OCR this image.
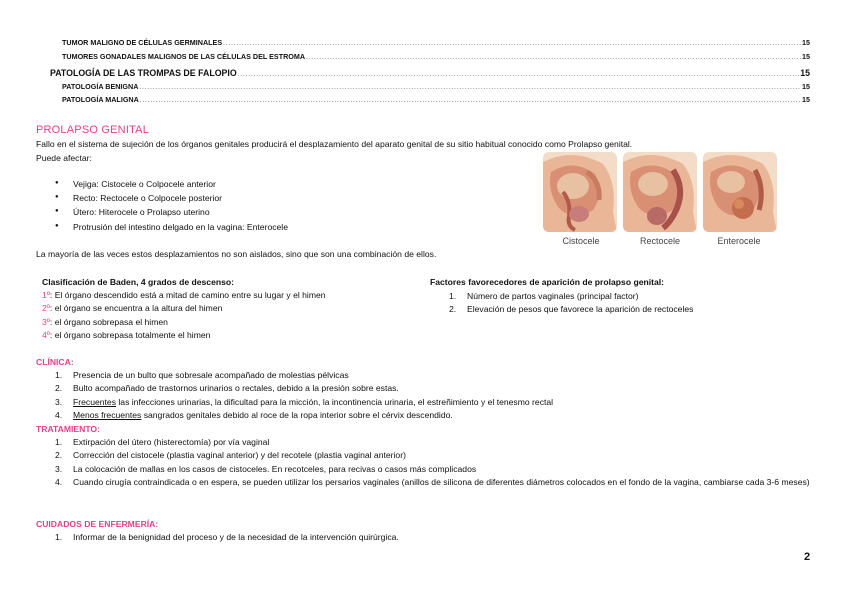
TUMOR MALIGNO DE CÉLULAS GERMINALES .....	15
TUMORES GONADALES MALIGNOS DE LAS CÉLULAS DEL ESTROMA .....	15
PATOLOGÍA DE LAS TROMPAS DE FALOPIO .....	15
PATOLOGÍA BENIGNA .....	15
PATOLOGÍA MALIGNA .....	15
PROLAPSO GENITAL
Fallo en el sistema de sujeción de los órganos genitales producirá el desplazamiento del aparato genital de su sitio habitual conocido como Prolapso genital.
Puede afectar:
● Vejiga: Cistocele o Colpocele anterior
● Recto: Rectocele o Colpocele posterior
● Útero: Hiterocele o Prolapso uterino
● Protrusión del intestino delgado en la vagina: Enterocele
Cistocele	Rectocele	Enterocele
La mayoría de las veces estos desplazamientos no son aislados, sino que son una combinación de ellos.
Clasificación de Baden, 4 grados de descenso:
1º: El órgano descendido está a mitad de camino entre su lugar y el himen
2º: el órgano se encuentra a la altura del himen
3º: el órgano sobrepasa el himen
4º: el órgano sobrepasa totalmente el himen
Factores favorecedores de aparición de prolapso genital:
1.	Número de partos vaginales (principal factor)
2.	Elevación de pesos que favorece la aparición de rectoceles
CLÍNICA:
1.	Presencia de un bulto que sobresale acompañado de molestias pélvicas
2.	Bulto acompañado de trastornos urinarios o rectales, debido a la presión sobre estas.
3.	Frecuentes las infecciones urinarias, la dificultad para la micción, la incontinencia urinaria, el estreñimiento y el tenesmo rectal
4.	Menos frecuentes sangrados genitales debido al roce de la ropa interior sobre el cérvix descendido.
TRATAMIENTO:
1.	Extirpación del útero (histerectomía) por vía vaginal
2.	Corrección del cistocele (plastia vaginal anterior) y del recotele (plastia vaginal anterior)
3.	La colocación de mallas en los casos de cistoceles. En recotceles, para recivas o casos más complicados
4.	Cuando cirugía contraindicada o en espera, se pueden utilizar los persarios vaginales (anillos de silicona de diferentes diámetros colocados en el fondo de la vagina, cambiarse cada 3-6 meses)
CUIDADOS DE ENFERMERÍA:
1.	Informar de la benignidad del proceso y de la necesidad de la intervención quirúrgica.
2
